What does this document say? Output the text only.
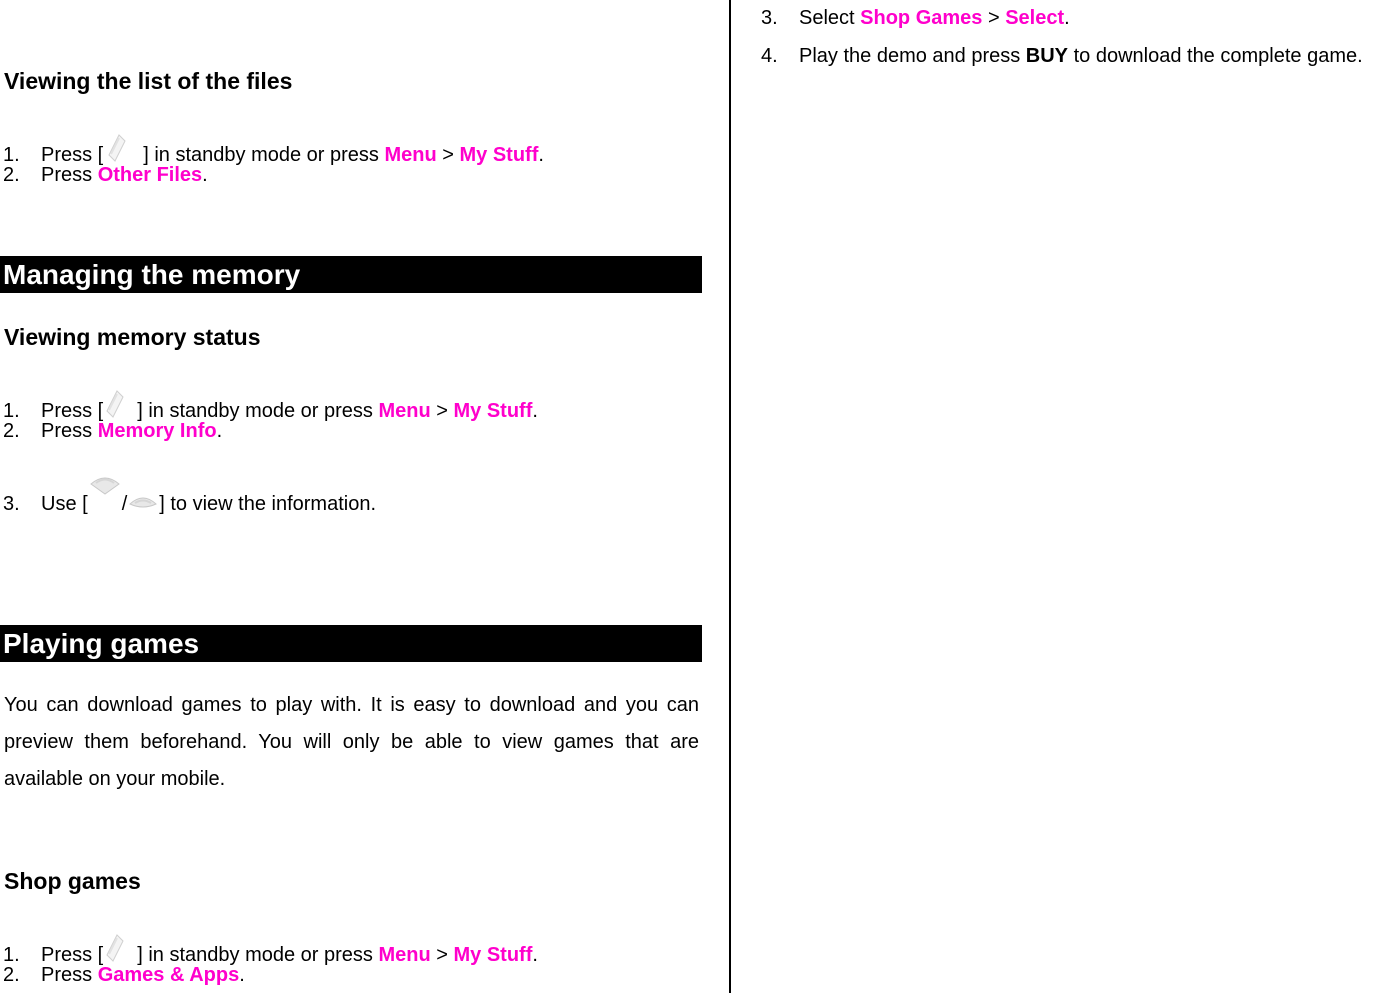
Viewing the list of the files
1. Press [ ] in standby mode or press Menu > My Stuff.
2. Press Other Files.
Managing the memory
Viewing memory status
1. Press [ ] in standby mode or press Menu > My Stuff.
2. Press Memory Info.
3. Use [ / ] to view the information.
Playing games
You can download games to play with. It is easy to download and you can preview them beforehand. You will only be able to view games that are available on your mobile.
Shop games
1. Press [ ] in standby mode or press Menu > My Stuff.
2. Press Games & Apps.
3. Select Shop Games > Select.
4. Play the demo and press BUY to download the complete game.
